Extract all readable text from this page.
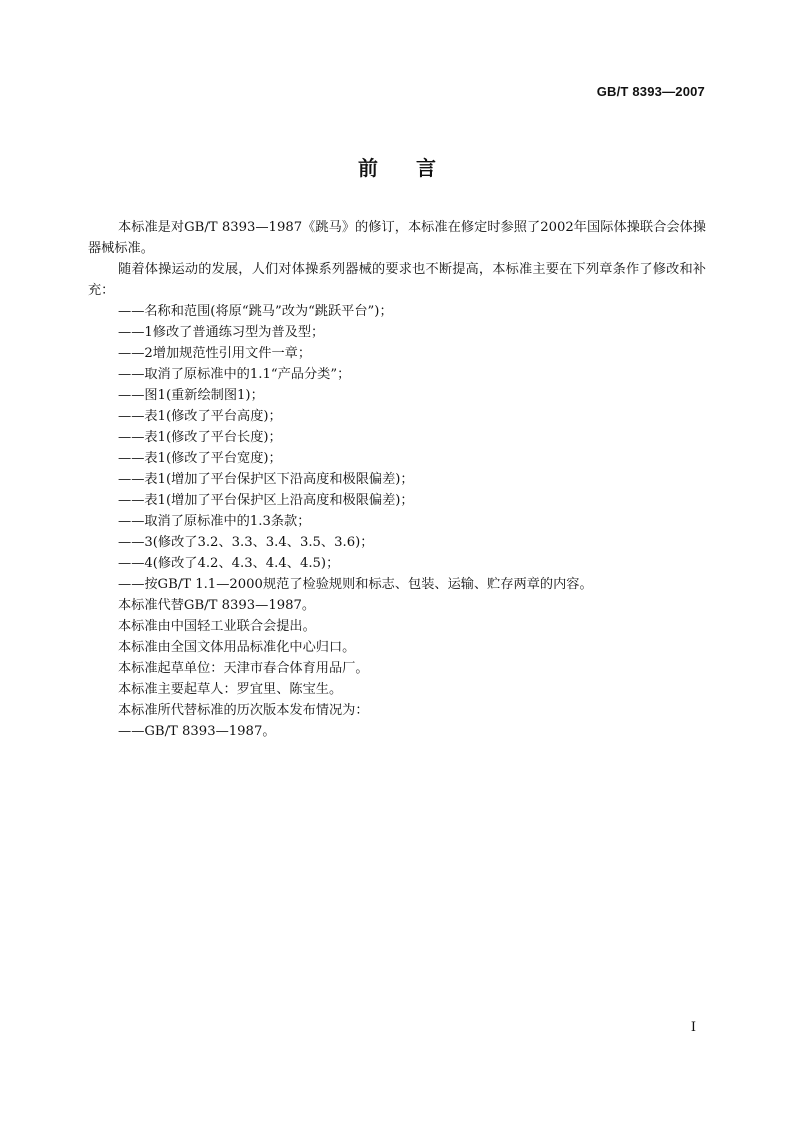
GB/T 8393—2007
前言

本标准是对GB/T 8393—1987《跳马》的修订，本标准在修定时参照了2002年国际体操联合会体操器械标准。

随着体操运动的发展，人们对体操系列器械的要求也不断提高，本标准主要在下列章条作了修改和补充：

——名称和范围(将原“跳马”改为“跳跃平台”)；

——1修改了普通练习型为普及型；

——2增加规范性引用文件一章；

——取消了原标准中的1.1“产品分类”；

——图1(重新绘制图1)；

——表1(修改了平台高度)；

——表1(修改了平台长度)；

——表1(修改了平台宽度)；

——表1(增加了平台保护区下沿高度和极限偏差)；

——表1(增加了平台保护区上沿高度和极限偏差)；

——取消了原标准中的1.3条款；

——3(修改了3.2、3.3、3.4、3.5、3.6)；

——4(修改了4.2、4.3、4.4、4.5)；

——按GB/T 1.1—2000规范了检验规则和标志、包装、运输、贮存两章的内容。

本标准代替GB/T 8393—1987。

本标准由中国轻工业联合会提出。

本标准由全国文体用品标准化中心归口。

本标准起草单位：天津市春合体育用品厂。

本标准主要起草人：罗宜里、陈宝生。

本标准所代替标准的历次版本发布情况为：

——GB/T 8393—1987。

I
